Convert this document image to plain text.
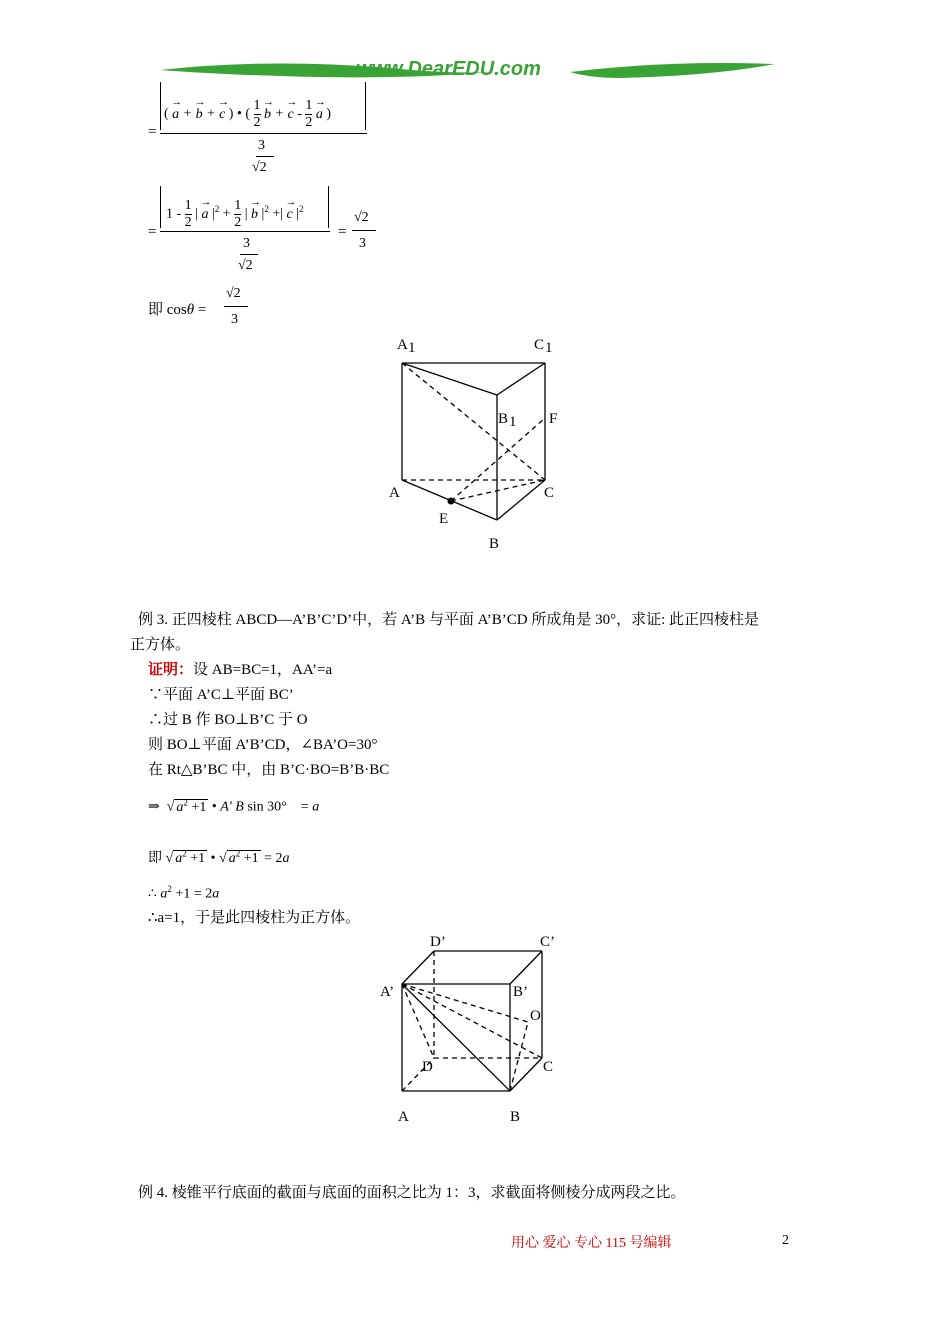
www.DearEDU.com
=
( → a + → b + → c ) • ( $\frac{1}{2}$
→ b + → c - $\frac{1}{2}$
→ a )
3
√2
=
$1 - \frac{1}{2}$ | → a $|^2 + \frac{1}{2}$ | → b $|^2$ +| → c $|^2$
3
√2
=
√2
3
即 cosθ =
√2
3
A 1	C 1
B 1 F
A	C
E
B
例 3. 正四棱柱 ABCD—A’B’C’D’中，若 A’B 与平面 A’B’CD 所成角是 30°，求证: 此正四棱柱是
正方体。
证明：设 AB=BC=1，AA’=a
∵平面 A’C⊥平面 BC’
∴过 B 作 BO⊥B’C 于 O
则 BO⊥平面 A’B’CD，∠BA’O=30°
在 Rt△B’BC 中，由 B’C·BO=B’B·BC
⇒  √ $a^2 +1$ • A' B sin 30°    = a
即 √ $a^2 +1$ • √ $a^2 +1 = 2a$
∴ $a^2 +1 = 2a$
∴a=1，于是此四棱柱为正方体。
D’	C’
A’	B’
O
D	C
A	B
例 4. 棱锥平行底面的截面与底面的面积之比为 1：3，求截面将侧棱分成两段之比。
用心 爱心 专心 115 号编辑	2
